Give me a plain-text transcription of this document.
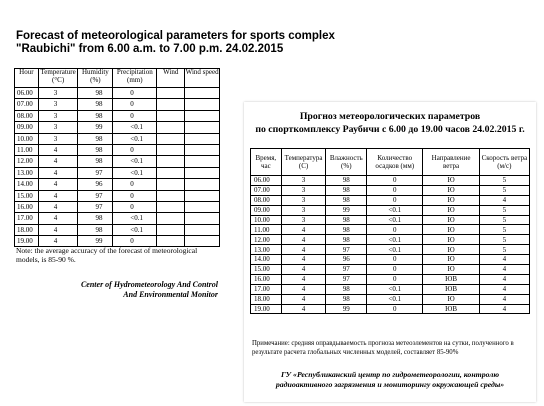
Forecast of meteorological parameters for sports complex
"Raubichi" from 6.00 a.m. to 7.00 p.m. 24.02.2015
Hour	Temperature (°C)	Humidity (%)	Precipitation (mm)	Wind	Wind speed
06.00	3	98	0		
07.00	3	98	0		
08.00	3	98	0		
09.00	3	99	<0.1		
10.00	3	98	<0.1		
11.00	4	98	0		
12.00	4	98	<0.1		
13.00	4	97	<0.1		
14.00	4	96	0		
15.00	4	97	0		
16.00	4	97	0		
17.00	4	98	<0.1		
18.00	4	98	<0.1		
19.00	4	99	0		
Note: the average accuracy of the forecast of meteorological
models, is 85-90 %.
Center of Hydrometeorology And Control
And Environmental Monitor
Прогноз метеорологических параметров
по спорткомплексу Раубичи с 6.00 до 19.00 часов 24.02.2015 г.
Время, час	Температура (С)	Влажность (%)	Количество осадков (мм)	Направление ветра	Скорость ветра (м/с)
06.00	3	98	0	Ю	5
07.00	3	98	0	Ю	5
08.00	3	98	0	Ю	4
09.00	3	99	<0.1	Ю	5
10.00	3	98	<0.1	Ю	5
11.00	4	98	0	Ю	5
12.00	4	98	<0.1	Ю	5
13.00	4	97	<0.1	Ю	5
14.00	4	96	0	Ю	4
15.00	4	97	0	Ю	4
16.00	4	97	0	ЮВ	4
17.00	4	98	<0.1	ЮВ	4
18.00	4	98	<0.1	Ю	4
19.00	4	99	0	ЮВ	4
Примечание: средняя оправдываемость прогноза метеоэлементов на сутки, полученного в результате расчета глобальных численных моделей, составляет 85-90%
ГУ «Республиканский центр по гидрометеорологии, контролю
радиоактивного загрязнения и мониторингу окружающей среды»
